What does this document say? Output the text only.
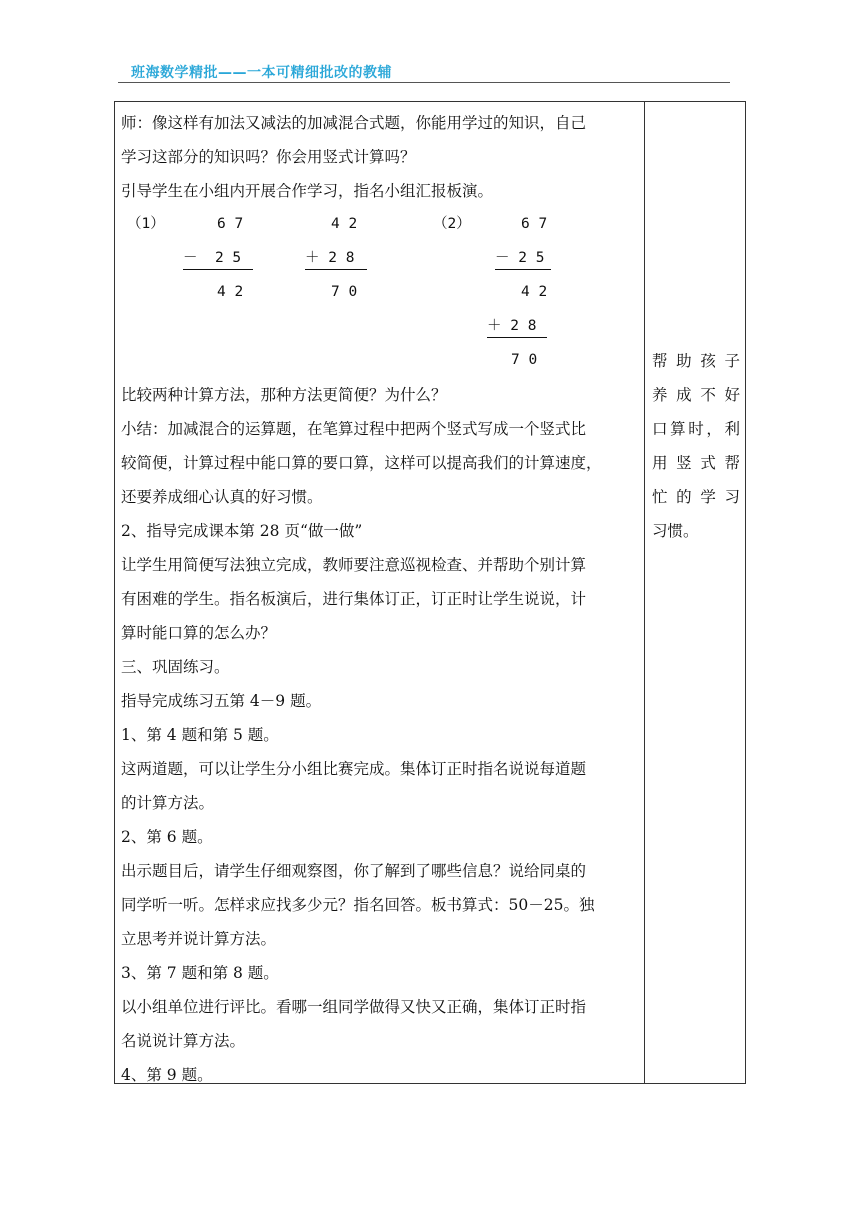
班海数学精批——一本可精细批改的教辅
师：像这样有加法又减法的加减混合式题，你能用学过的知识，自己
学习这部分的知识吗？你会用竖式计算吗？
引导学生在小组内开展合作学习，指名小组汇报板演。
（1）	6 7
－  2 5
4 2
4 2
＋ 2 8
7 0
（2）	6 7
－ 2 5
4 2
＋ 2 8
7 0
比较两种计算方法，那种方法更简便？为什么？
小结：加减混合的运算题，在笔算过程中把两个竖式写成一个竖式比
较简便，计算过程中能口算的要口算，这样可以提高我们的计算速度，
还要养成细心认真的好习惯。
2、指导完成课本第 28 页“做一做”
让学生用简便写法独立完成，教师要注意巡视检查、并帮助个别计算
有困难的学生。指名板演后，进行集体订正，订正时让学生说说，计
算时能口算的怎么办？
三、巩固练习。
指导完成练习五第 4－9 题。
1、第 4 题和第 5 题。
这两道题，可以让学生分小组比赛完成。集体订正时指名说说每道题
的计算方法。
2、第 6 题。
出示题目后，请学生仔细观察图，你了解到了哪些信息？说给同桌的
同学听一听。怎样求应找多少元？指名回答。板书算式：50－25。独
立思考并说计算方法。
3、第 7 题和第 8 题。
以小组单位进行评比。看哪一组同学做得又快又正确，集体订正时指
名说说计算方法。
4、第 9 题。
帮助孩子
养成不好
口算时，利
用竖式帮
忙的学习
习惯。
